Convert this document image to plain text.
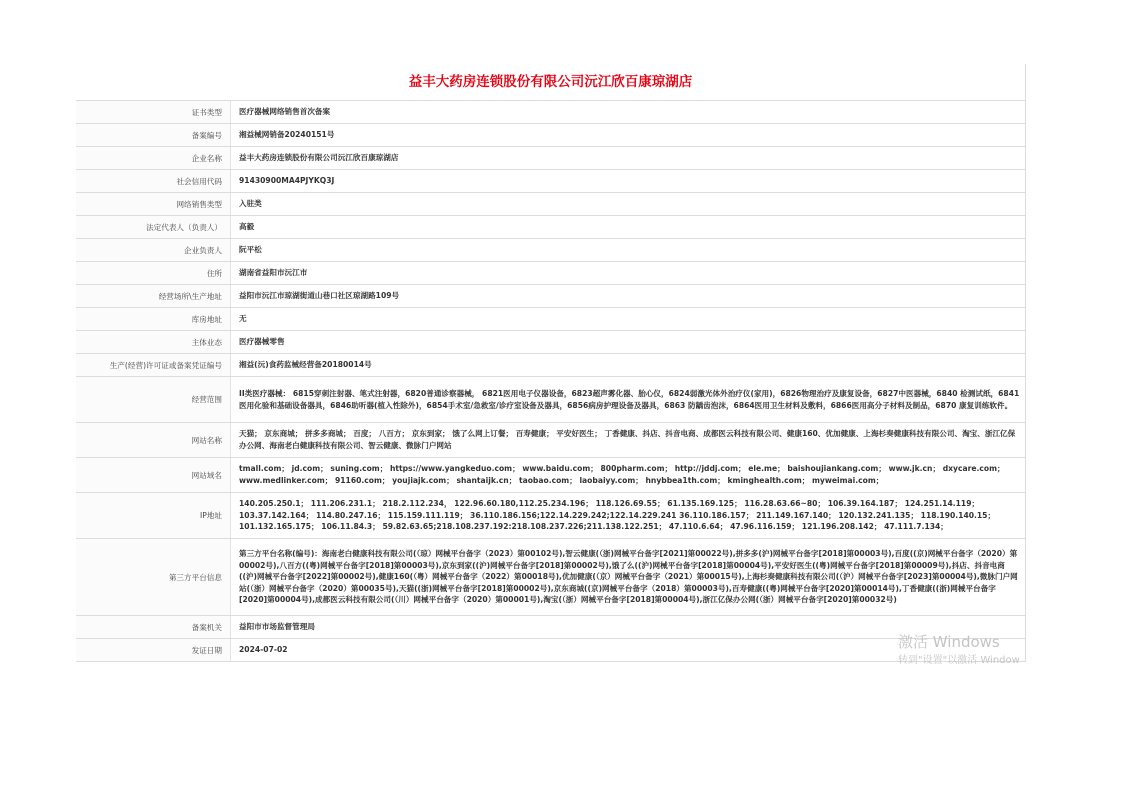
益丰大药房连锁股份有限公司沅江欣百康琼湖店
证书类型	医疗器械网络销售首次备案
备案编号	湘益械网销备20240151号
企业名称	益丰大药房连锁股份有限公司沅江欣百康琼湖店
社会信用代码	91430900MA4PJYKQ3J
网络销售类型	入驻类
法定代表人（负责人）	高毅
企业负责人	阮平松
住所	湖南省益阳市沅江市
经营场所\生产地址	益阳市沅江市琼湖街道山巷口社区琼湖路109号
库房地址	无
主体业态	医疗器械零售
生产(经营)许可证或备案凭证编号	湘益(沅)食药监械经营备20180014号
经营范围	II类医疗器械： 6815穿刺注射器、笔式注射器，6820普通诊察器械， 6821医用电子仪器设备，6823超声雾化器、胎心仪，6824弱激光体外治疗仪(家用)，6826物理治疗及康复设备，6827中医器械，6840 检测试纸，6841医用化验和基础设备器具，6846助听器(植入性除外)，6854手术室/急救室/诊疗室设备及器具，6856病房护理设备及器具，6863 防龋齿泡沫，6864医用卫生材料及敷料，6866医用高分子材料及制品，6870 康复训练软件。
网站名称	天猫； 京东商城； 拼多多商城； 百度； 八百方； 京东到家； 饿了么网上订餐； 百寿健康； 平安好医生； 丁香健康、抖店、抖音电商、成都医云科技有限公司、健康160、优加健康、上海杉奏健康科技有限公司、淘宝、浙江亿保办公网、海南老白健康科技有限公司、智云健康、微脉门户网站
网站域名	tmall.com； jd.com； suning.com； https://www.yangkeduo.com； www.baidu.com； 800pharm.com； http://jddj.com； ele.me； baishoujiankang.com； www.jk.cn； dxycare.com； www.medlinker.com； 91160.com； youjiajk.com； shantaijk.cn； taobao.com； laobaiyy.com； hnybbea1th.com； kminghealth.com； myweimai.com；
IP地址	140.205.250.1； 111.206.231.1； 218.2.112.234， 122.96.60.180,112.25.234.196； 118.126.69.55； 61.135.169.125； 116.28.63.66~80； 106.39.164.187； 124.251.14.119； 103.37.142.164； 114.80.247.16； 115.159.111.119； 36.110.186.156;122.14.229.242;122.14.229.241 36.110.186.157； 211.149.167.140； 120.132.241.135； 118.190.140.15； 101.132.165.175； 106.11.84.3； 59.82.63.65;218.108.237.192:218.108.237.226;211.138.122.251； 47.110.6.64； 47.96.116.159； 121.196.208.142； 47.111.7.134；
第三方平台信息	第三方平台名称(编号)：海南老白健康科技有限公司(（琼）网械平台备字（2023）第00102号),智云健康(（浙)网械平台备字[2021]第00022号),拼多多(沪)网械平台备字[2018]第00003号),百度((京)网械平台备字（2020）第00002号),八百方((粤)网械平台备字[2018]第00003号),京东到家((沪)网械平台备字[2018]第00002号),饿了么((沪)网械平台备字[2018]第00004号),平安好医生((粤)网械平台备字[2018]第00009号),抖店、抖音电商((沪)网械平台备字[2022]第00002号),健康160(（粤）网械平台备字（2022）第00018号),优加健康(（京）网械平台备字（2021）第00015号),上海杉奏健康科技有限公司(（沪）网械平台备字[2023]第00004号),微脉门户网站(（浙）网械平台备字（2020）第00035号),天猫((浙)网械平台备字[2018]第00002号),京东商城((京)网械平台备字（2018）第00003号),百寿健康((粤)网械平台备字[2020]第00014号),丁香健康((浙)网械平台备字[2020]第00004号),成都医云科技有限公司(（川）网械平台备字（2020）第00001号),淘宝(（浙）网械平台备字[2018]第00004号),浙江亿保办公网(（浙）网械平台备字[2020]第00032号)
备案机关	益阳市市场监督管理局
发证日期	2024-07-02	激活 Windows
转到"设置"以激活 Window
